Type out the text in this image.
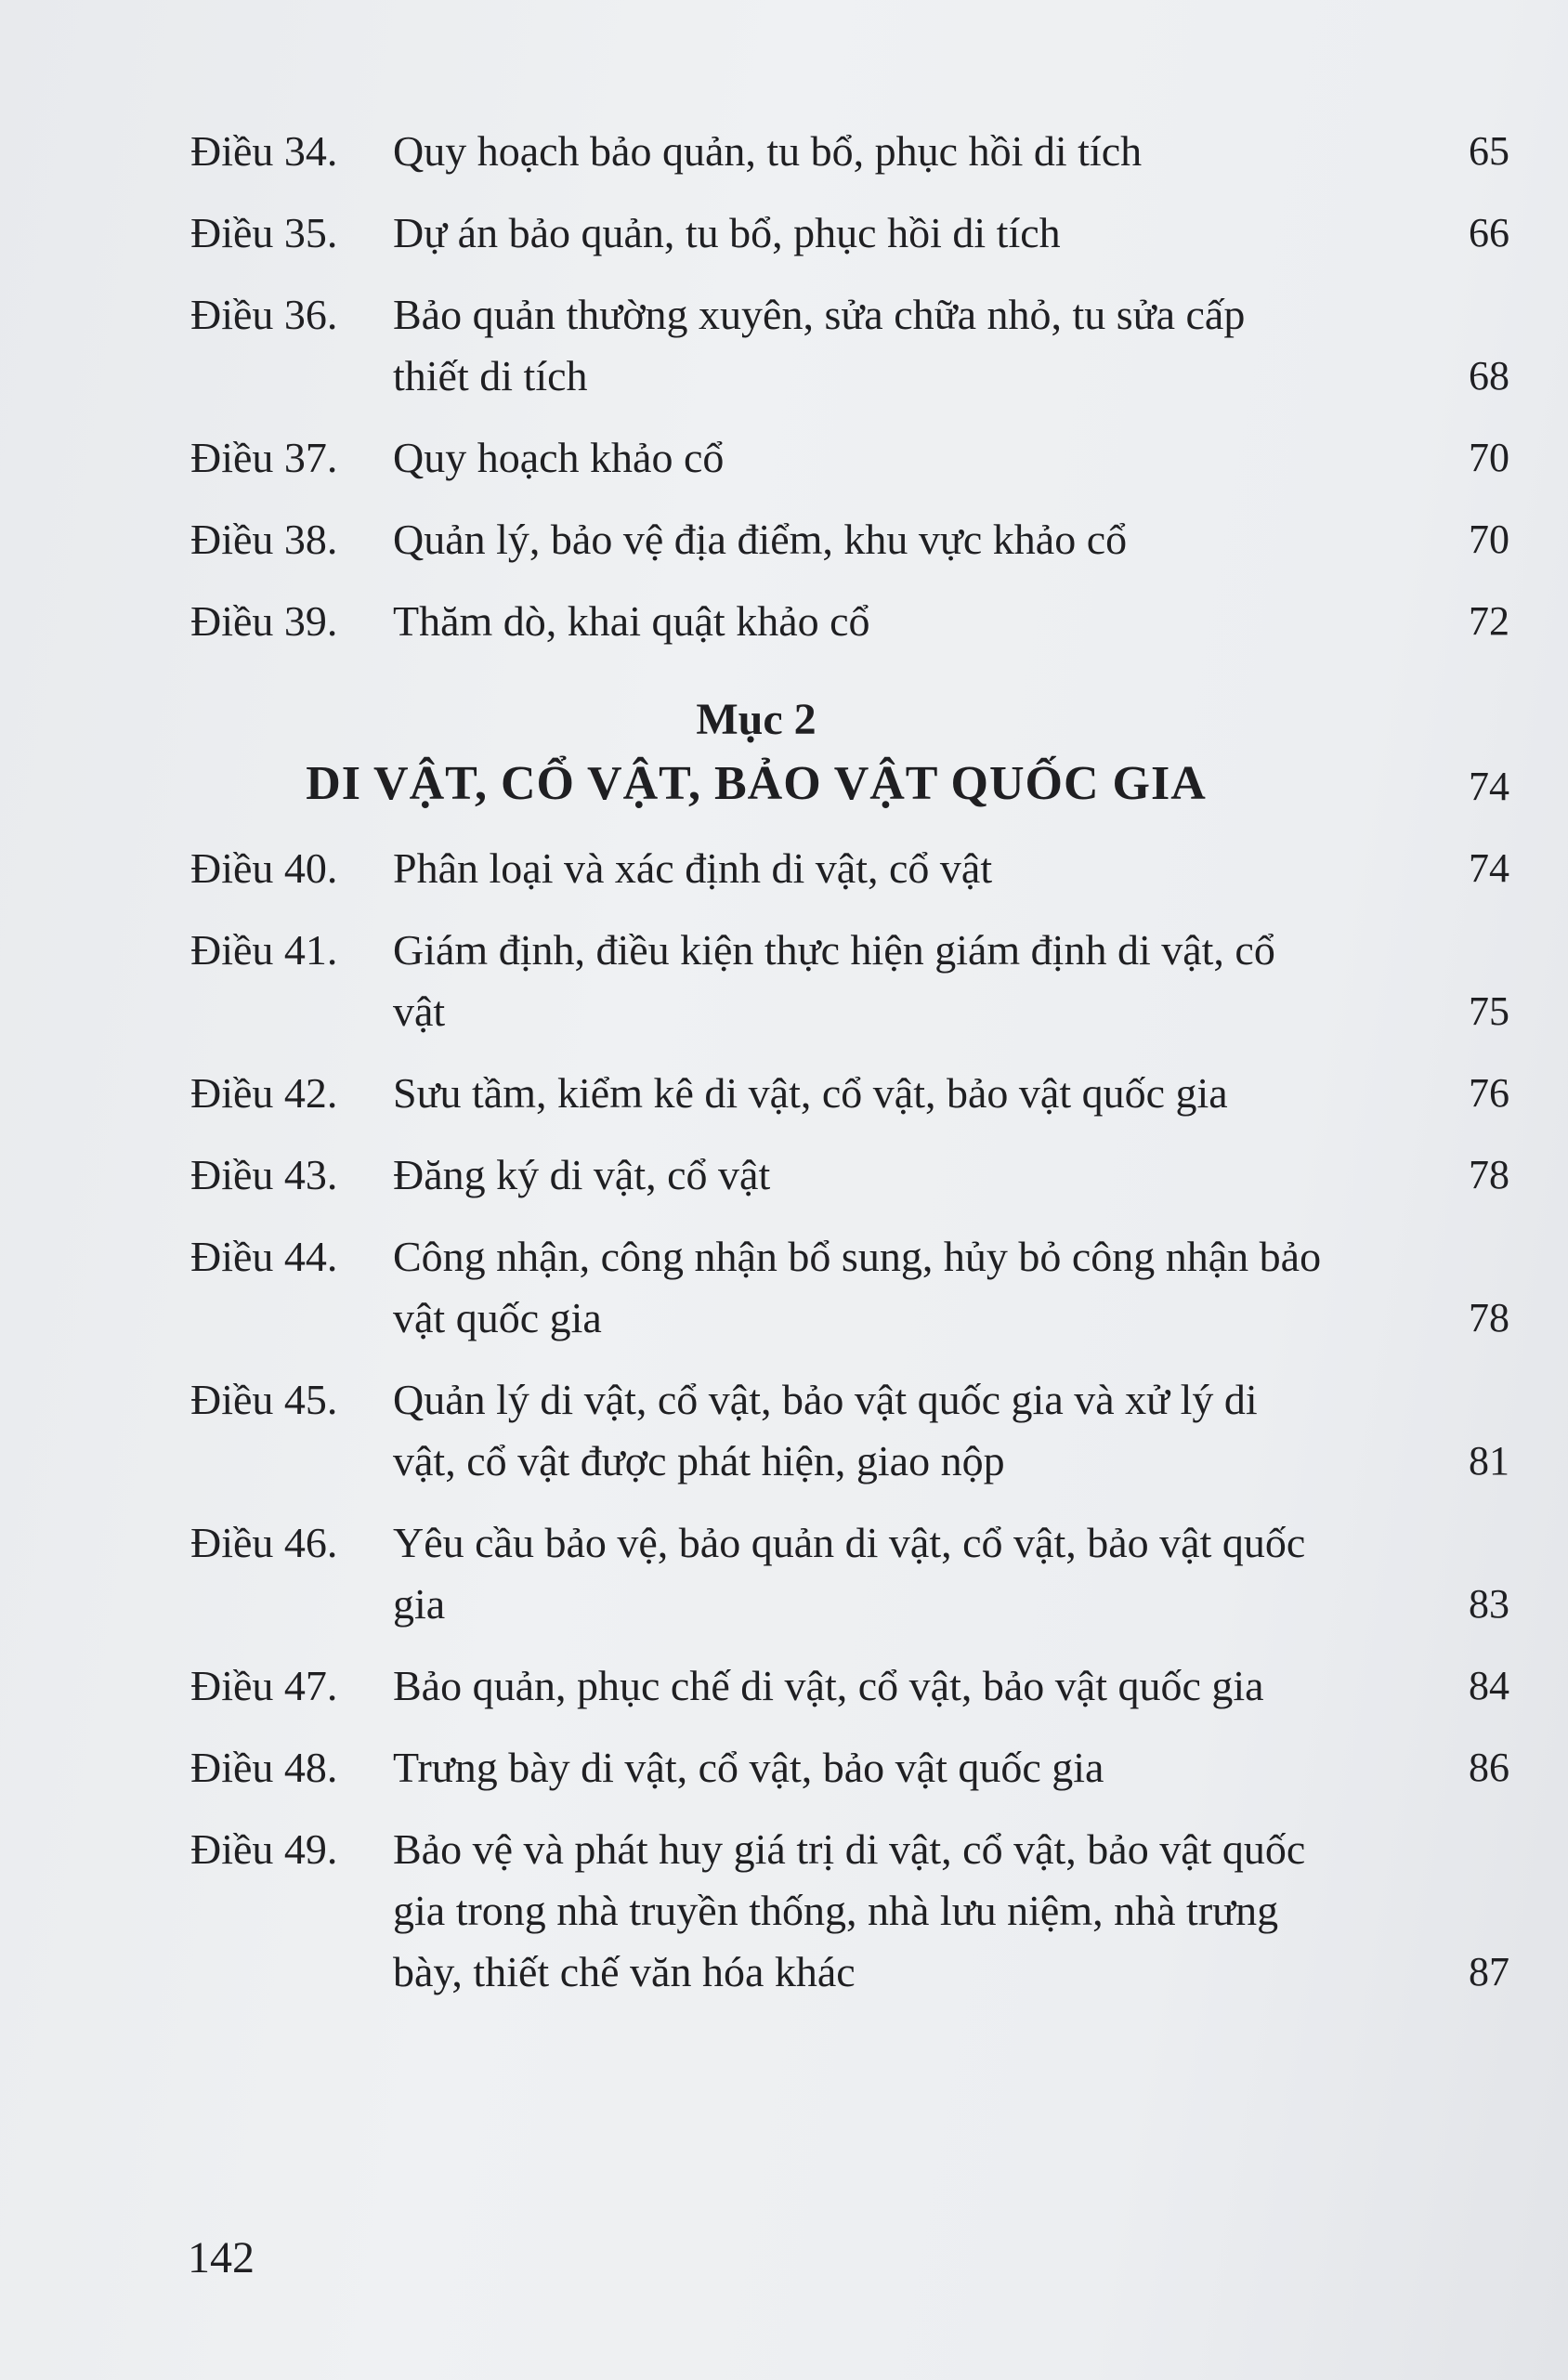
Điều 34.	Quy hoạch bảo quản, tu bổ, phục hồi di tích	65
Điều 35.	Dự án bảo quản, tu bổ, phục hồi di tích	66
Điều 36.	Bảo quản thường xuyên, sửa chữa nhỏ, tu sửa cấp thiết di tích	68
Điều 37.	Quy hoạch khảo cổ	70
Điều 38.	Quản lý, bảo vệ địa điểm, khu vực khảo cổ	70
Điều 39.	Thăm dò, khai quật khảo cổ	72
Mục 2
DI VẬT, CỔ VẬT, BẢO VẬT QUỐC GIA	74
Điều 40.	Phân loại và xác định di vật, cổ vật	74
Điều 41.	Giám định, điều kiện thực hiện giám định di vật, cổ vật	75
Điều 42.	Sưu tầm, kiểm kê di vật, cổ vật, bảo vật quốc gia	76
Điều 43.	Đăng ký di vật, cổ vật	78
Điều 44.	Công nhận, công nhận bổ sung, hủy bỏ công nhận bảo vật quốc gia	78
Điều 45.	Quản lý di vật, cổ vật, bảo vật quốc gia và xử lý di vật, cổ vật được phát hiện, giao nộp	81
Điều 46.	Yêu cầu bảo vệ, bảo quản di vật, cổ vật, bảo vật quốc gia	83
Điều 47.	Bảo quản, phục chế di vật, cổ vật, bảo vật quốc gia	84
Điều 48.	Trưng bày di vật, cổ vật, bảo vật quốc gia	86
Điều 49.	Bảo vệ và phát huy giá trị di vật, cổ vật, bảo vật quốc gia trong nhà truyền thống, nhà lưu niệm, nhà trưng bày, thiết chế văn hóa khác	87
142
